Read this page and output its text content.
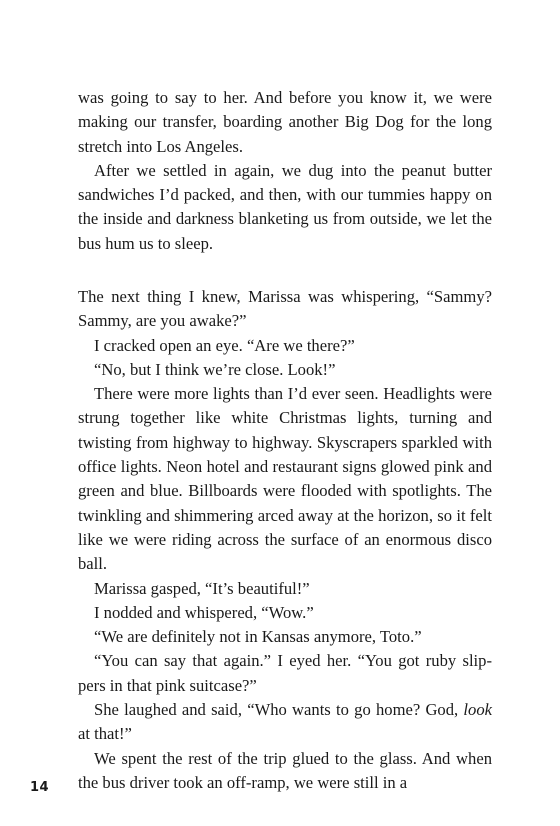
was going to say to her. And before you know it, we were making our transfer, boarding another Big Dog for the long stretch into Los Angeles.

After we settled in again, we dug into the peanut butter sandwiches I’d packed, and then, with our tummies happy on the inside and darkness blanketing us from outside, we let the bus hum us to sleep.

The next thing I knew, Marissa was whispering, “Sammy? Sammy, are you awake?”

I cracked open an eye. “Are we there?”

“No, but I think we’re close. Look!”

There were more lights than I’d ever seen. Headlights were strung together like white Christmas lights, turning and twisting from highway to highway. Skyscrapers sparkled with office lights. Neon hotel and restaurant signs glowed pink and green and blue. Billboards were flooded with spotlights. The twinkling and shimmering arced away at the horizon, so it felt like we were riding across the surface of an enormous disco ball.

Marissa gasped, “It’s beautiful!”

I nodded and whispered, “Wow.”

“We are definitely not in Kansas anymore, Toto.”

“You can say that again.” I eyed her. “You got ruby slip-pers in that pink suitcase?”

She laughed and said, “Who wants to go home? God, look at that!”

We spent the rest of the trip glued to the glass. And when the bus driver took an off-ramp, we were still in a

14
